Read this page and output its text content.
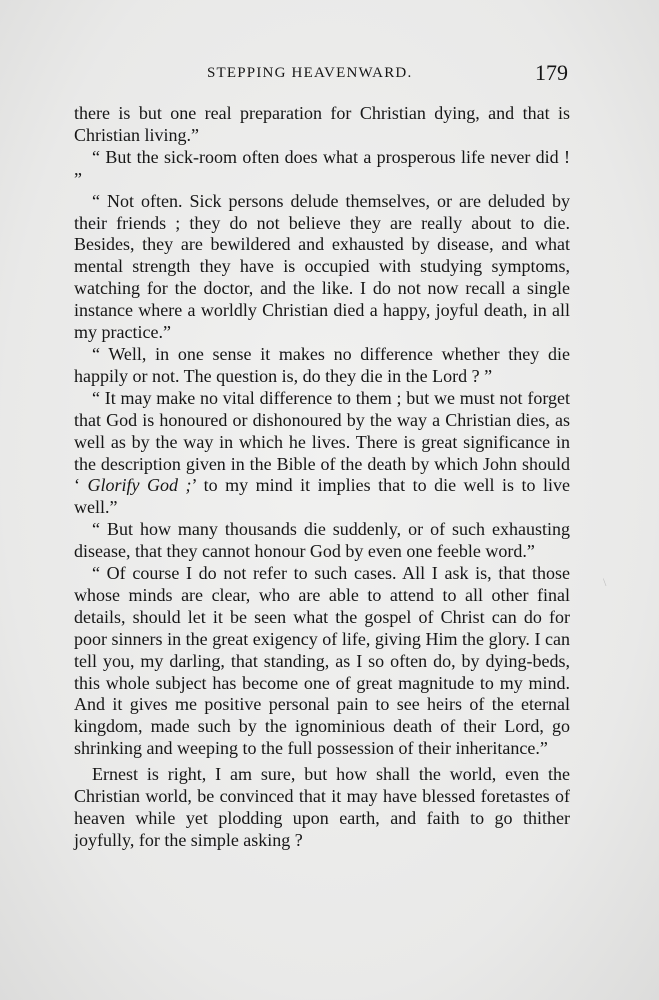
STEPPING HEAVENWARD.	179

there is but one real preparation for Christian dying, and that is Christian living.”

“ But the sick-room often does what a prosperous life never did ! ”

“ Not often. Sick persons delude themselves, or are deluded by their friends ; they do not believe they are really about to die. Besides, they are bewildered and exhausted by disease, and what mental strength they have is occupied with studying symptoms, watching for the doctor, and the like. I do not now recall a single instance where a worldly Christian died a happy, joyful death, in all my practice.”

“ Well, in one sense it makes no difference whether they die happily or not. The question is, do they die in the Lord ? ”

“ It may make no vital difference to them ; but we must not forget that God is honoured or dishonoured by the way a Christian dies, as well as by the way in which he lives. There is great significance in the description given in the Bible of the death by which John should ‘ Glorify God ;’ to my mind it implies that to die well is to live well.”

“ But how many thousands die suddenly, or of such exhausting disease, that they cannot honour God by even one feeble word.”

“ Of course I do not refer to such cases. All I ask is, that those whose minds are clear, who are able to attend to all other final details, should let it be seen what the gospel of Christ can do for poor sinners in the great exigency of life, giving Him the glory. I can tell you, my darling, that standing, as I so often do, by dying-beds, this whole subject has become one of great magnitude to my mind. And it gives me positive personal pain to see heirs of the eternal kingdom, made such by the ignominious death of their Lord, go shrinking and weeping to the full possession of their inheritance.”

Ernest is right, I am sure, but how shall the world, even the Christian world, be convinced that it may have blessed foretastes of heaven while yet plodding upon earth, and faith to go thither joyfully, for the simple asking ?

\
